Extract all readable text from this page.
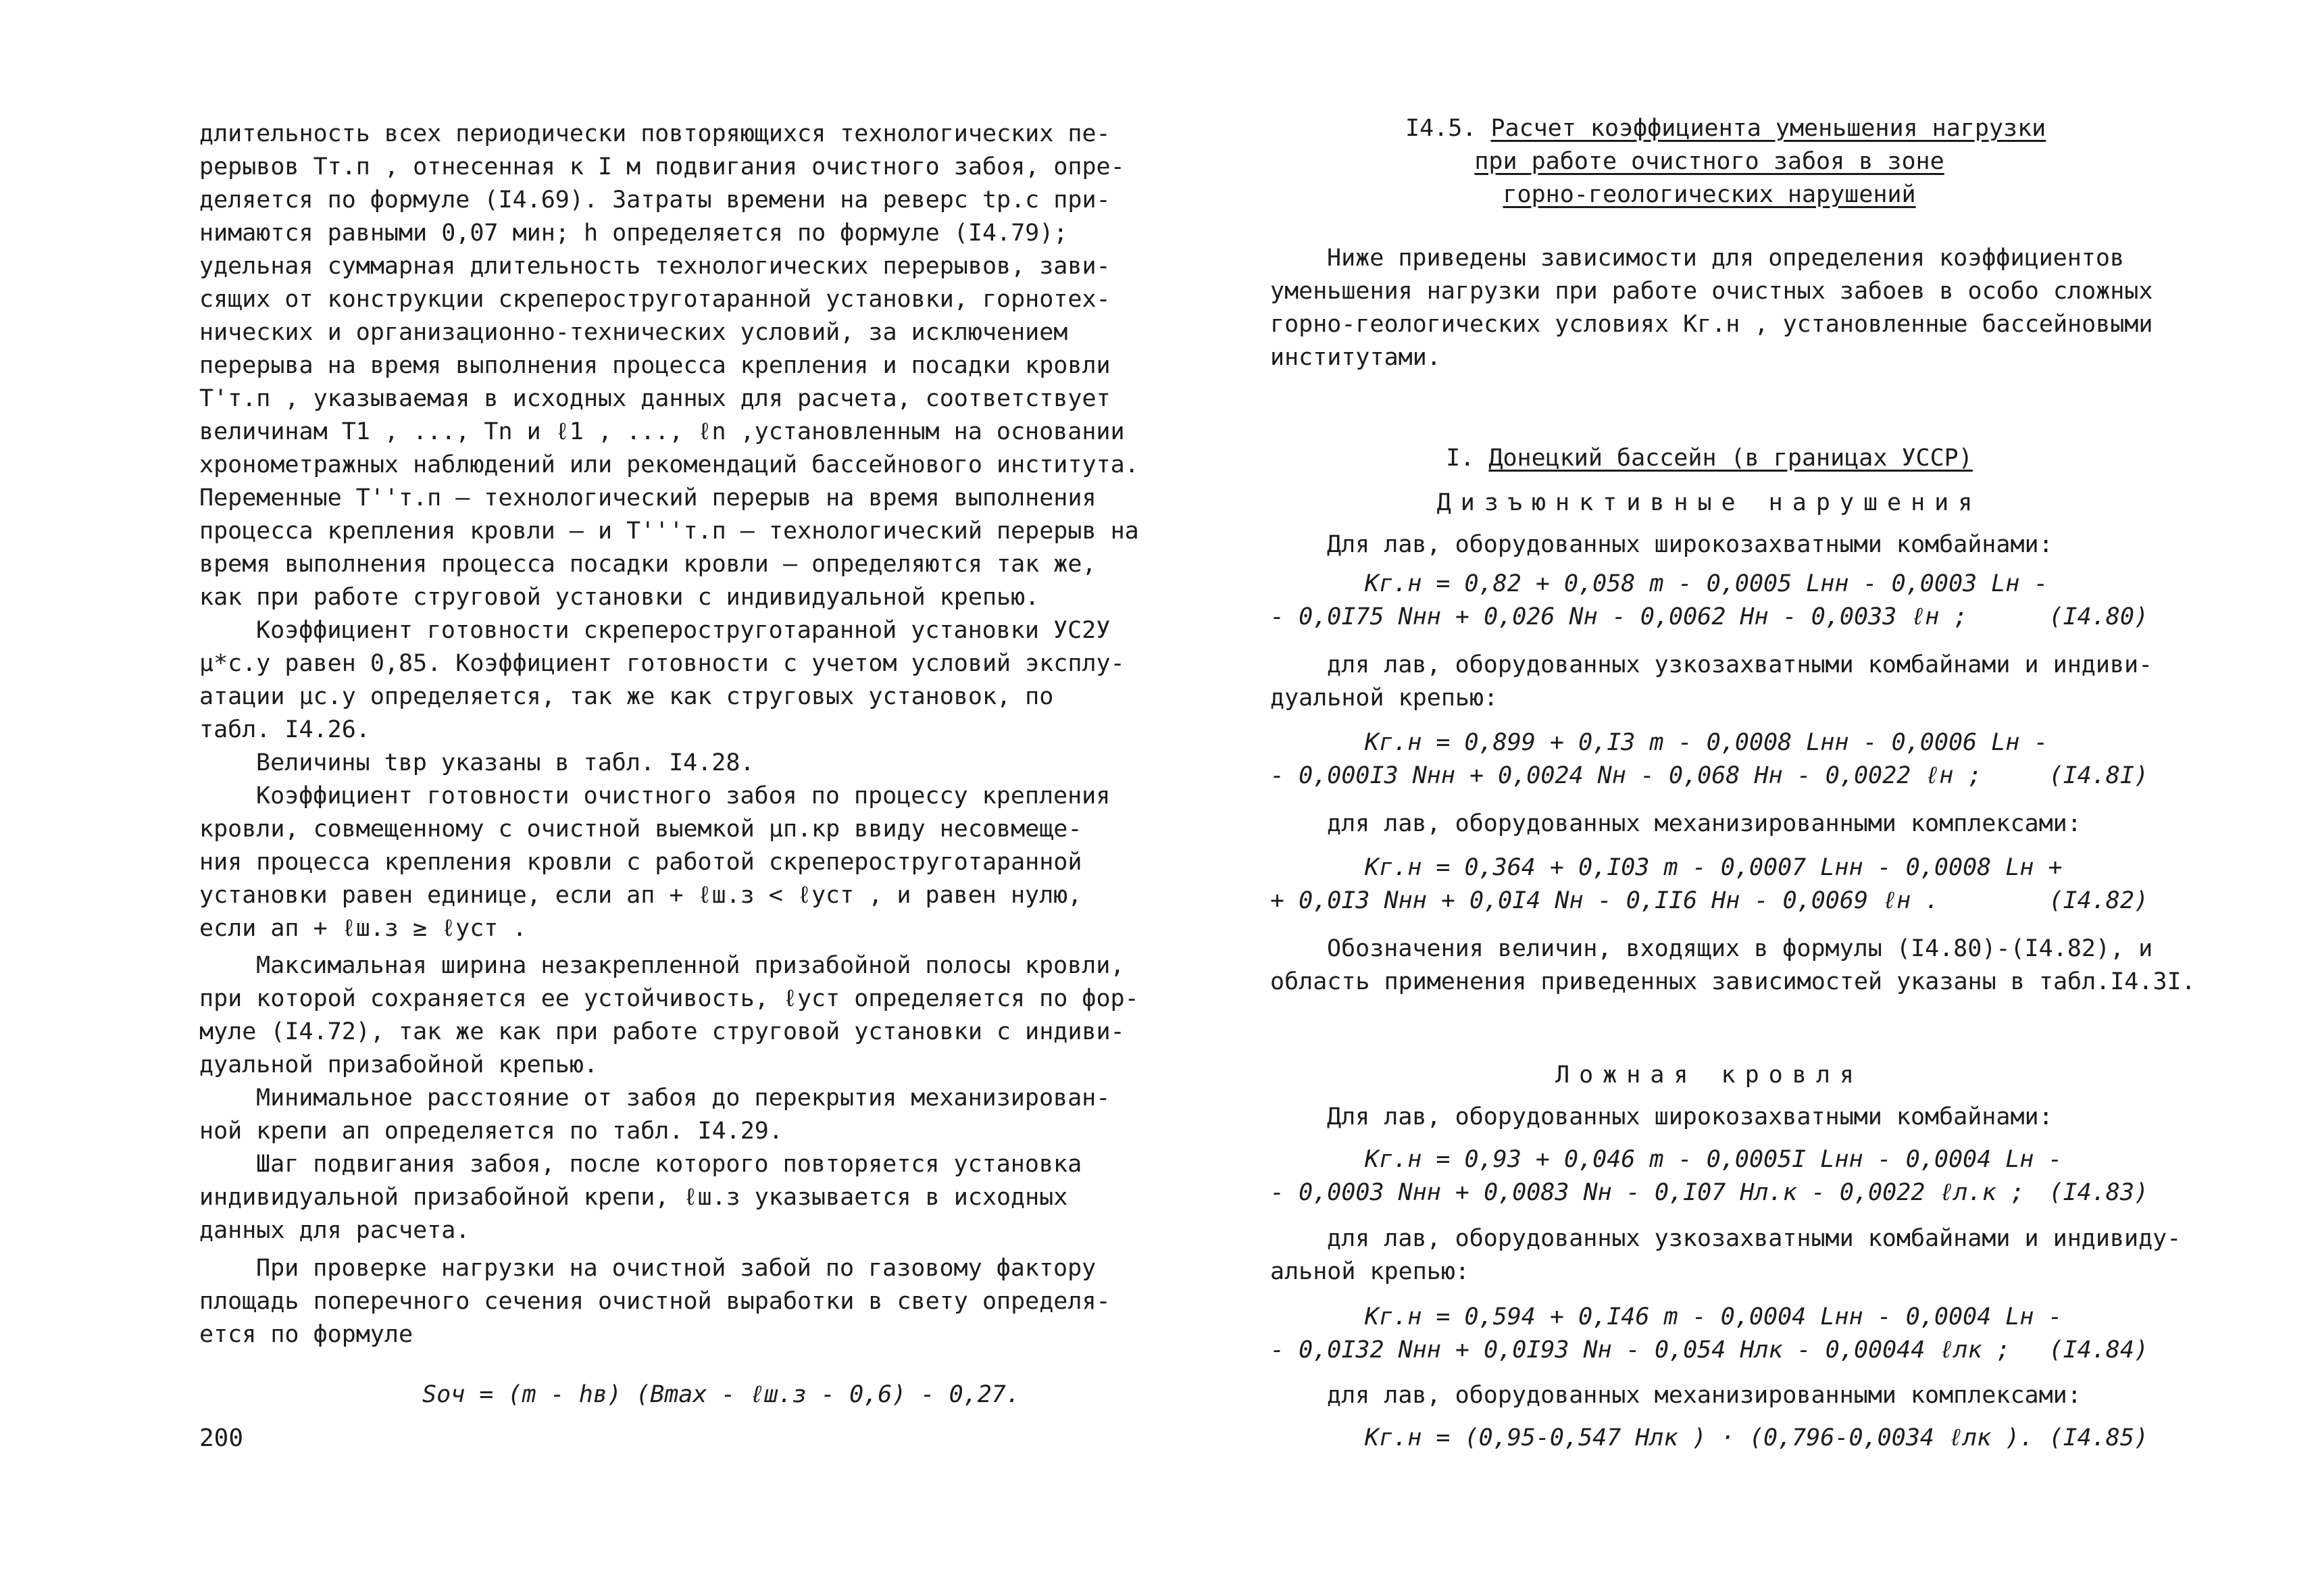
длительность всех периодически повторяющихся технологических пе-
рерывов Tт.п , отнесенная к I м подвигания очистного забоя, опре-
деляется по формуле (I4.69). Затраты времени на реверс tр.с при-
нимаются равными 0,07 мин; h определяется по формуле (I4.79);
удельная суммарная длительность технологических перерывов, зави-
сящих от конструкции скрепероструготаранной установки, горнотех-
нических и организационно-технических условий, за исключением
перерыва на время выполнения процесса крепления и посадки кровли
T'т.п , указываемая в исходных данных для расчета, соответствует
величинам T1 , ..., Tn и ℓ1 , ..., ℓn ,установленным на основании
хронометражных наблюдений или рекомендаций бассейнового института.
Переменные T''т.п – технологический перерыв на время выполнения
процесса крепления кровли – и T'''т.п – технологический перерыв на
время выполнения процесса посадки кровли – определяются так же,
как при работе струговой установки с индивидуальной крепью.
Коэффициент готовности скрепероструготаранной установки УС2У
μ*с.у равен 0,85. Коэффициент готовности с учетом условий эксплу-
атации μс.у определяется, так же как струговых установок, по
табл. I4.26.
Величины tвр указаны в табл. I4.28.
Коэффициент готовности очистного забоя по процессу крепления
кровли, совмещенному с очистной выемкой μп.кр ввиду несовмеще-
ния процесса крепления кровли с работой скрепероструготаранной
установки равен единице, если aп + ℓш.з < ℓуст , и равен нулю,
если aп + ℓш.з ≥ ℓуст .
Максимальная ширина незакрепленной призабойной полосы кровли,
при которой сохраняется ее устойчивость, ℓуст определяется по фор-
муле (I4.72), так же как при работе струговой установки с индиви-
дуальной призабойной крепью.
Минимальное расстояние от забоя до перекрытия механизирован-
ной крепи aп определяется по табл. I4.29.
Шаг подвигания забоя, после которого повторяется установка
индивидуальной призабойной крепи, ℓш.з указывается в исходных
данных для расчета.
При проверке нагрузки на очистной забой по газовому фактору
площадь поперечного сечения очистной выработки в свету определя-
ется по формуле
Sоч = (m - hв) (Bmax - ℓш.з - 0,6) - 0,27.
200
I4.5. Расчет коэффициента уменьшения нагрузки
при работе очистного забоя в зоне
горно-геологических нарушений
Ниже приведены зависимости для определения коэффициентов
уменьшения нагрузки при работе очистных забоев в особо сложных
горно-геологических условиях Kг.н , установленные бассейновыми
институтами.
I. Донецкий бассейн (в границах УССР)
Дизъюнктивные нарушения
Для лав, оборудованных широкозахватными комбайнами:
Kг.н = 0,82 + 0,058 m - 0,0005 Lнн - 0,0003 Lн -
- 0,0I75 Nнн + 0,026 Nн - 0,0062 Hн - 0,0033 ℓн ;	(I4.80)
для лав, оборудованных узкозахватными комбайнами и индиви-
дуальной крепью:
Kг.н = 0,899 + 0,I3 m - 0,0008 Lнн - 0,0006 Lн -
- 0,000I3 Nнн + 0,0024 Nн - 0,068 Hн - 0,0022 ℓн ;	(I4.8I)
для лав, оборудованных механизированными комплексами:
Kг.н = 0,364 + 0,I03 m - 0,0007 Lнн - 0,0008 Lн +
+ 0,0I3 Nнн + 0,0I4 Nн - 0,II6 Hн - 0,0069 ℓн .	(I4.82)
Обозначения величин, входящих в формулы (I4.80)-(I4.82), и
область применения приведенных зависимостей указаны в табл.I4.3I.
Ложная кровля
Для лав, оборудованных широкозахватными комбайнами:
Kг.н = 0,93 + 0,046 m - 0,0005I Lнн - 0,0004 Lн -
- 0,0003 Nнн + 0,0083 Nн - 0,I07 Hл.к - 0,0022 ℓл.к ; (I4.83)
для лав, оборудованных узкозахватными комбайнами и индивиду-
альной крепью:
Kг.н = 0,594 + 0,I46 m - 0,0004 Lнн - 0,0004 Lн -
- 0,0I32 Nнн + 0,0I93 Nн - 0,054 Hлк - 0,00044 ℓлк ; (I4.84)
для лав, оборудованных механизированными комплексами:
Kг.н = (0,95-0,547 Hлк ) · (0,796-0,0034 ℓлк ). (I4.85)
